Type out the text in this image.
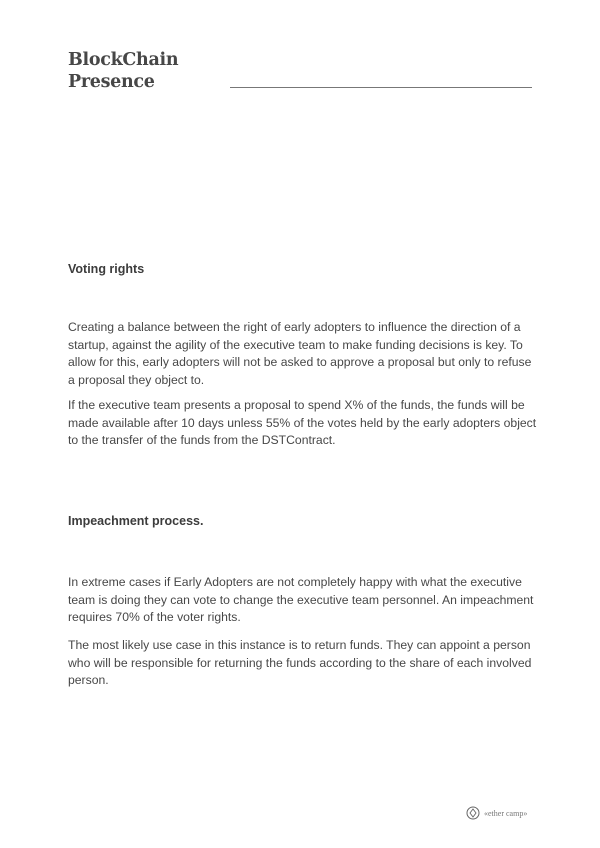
BlockChain
Presence
Voting rights
Creating a balance between the right of early adopters to influence the direction of a startup, against the agility of the executive team to make funding decisions is key. To allow for this, early adopters will not be asked to approve a proposal but only to refuse a proposal they object to.
If the executive team presents a proposal to spend X% of the funds, the funds will be made available after 10 days unless 55% of the votes held by the early adopters object to the transfer of the funds from the DSTContract.
Impeachment process.
In extreme cases if Early Adopters are not completely happy with what the executive team is doing they can vote to change the executive team personnel. An impeachment requires 70% of the voter rights.
The most likely use case in this instance is to return funds. They can appoint a person who will be responsible for returning the funds according to the share of each involved person.
«ether camp»
